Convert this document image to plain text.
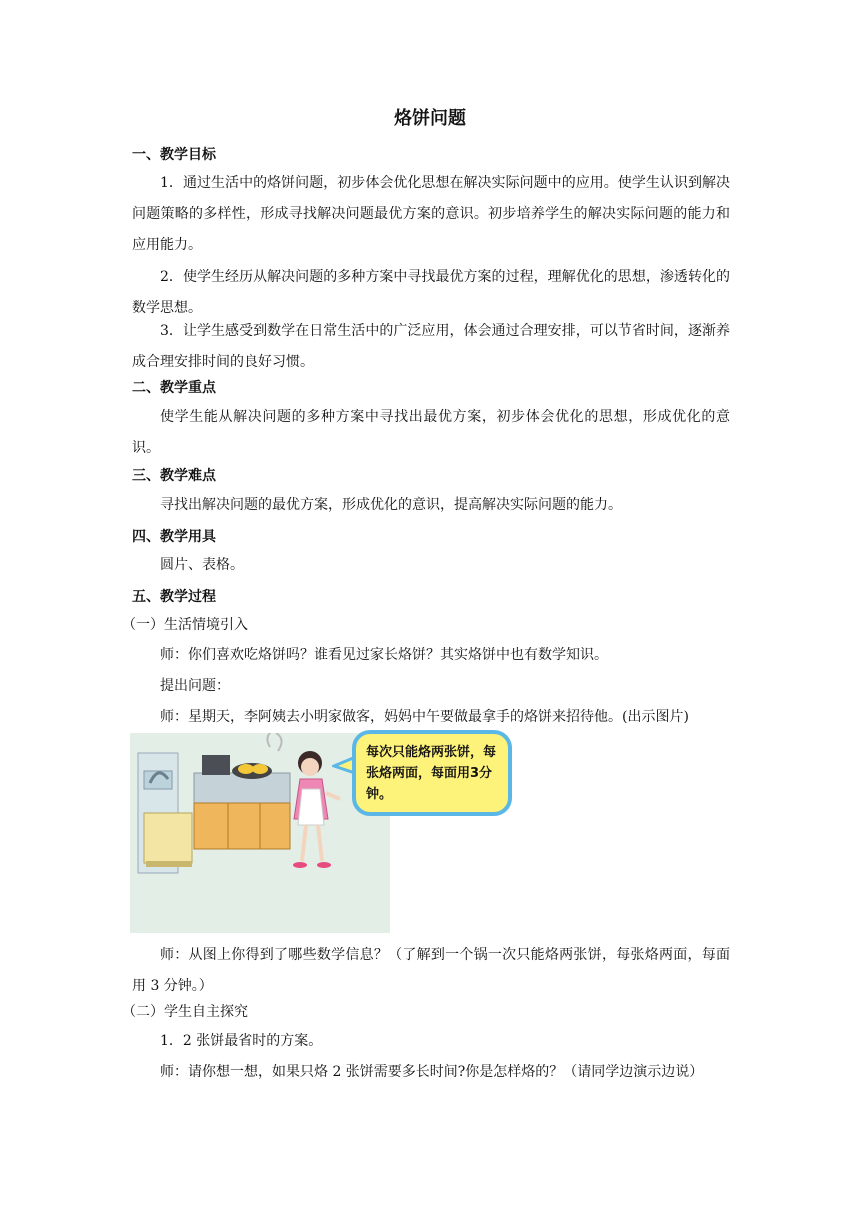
烙饼问题
一、教学目标
1．通过生活中的烙饼问题，初步体会优化思想在解决实际问题中的应用。使学生认识到解决问题策略的多样性，形成寻找解决问题最优方案的意识。初步培养学生的解决实际问题的能力和应用能力。
2．使学生经历从解决问题的多种方案中寻找最优方案的过程，理解优化的思想，渗透转化的数学思想。
3．让学生感受到数学在日常生活中的广泛应用，体会通过合理安排，可以节省时间，逐渐养成合理安排时间的良好习惯。
二、教学重点
使学生能从解决问题的多种方案中寻找出最优方案，初步体会优化的思想，形成优化的意识。
三、教学难点
寻找出解决问题的最优方案，形成优化的意识，提高解决实际问题的能力。
四、教学用具
圆片、表格。
五、教学过程
（一）生活情境引入
师：你们喜欢吃烙饼吗？谁看见过家长烙饼？其实烙饼中也有数学知识。
提出问题：
师：星期天，李阿姨去小明家做客，妈妈中午要做最拿手的烙饼来招待他。(出示图片)
每次只能烙两张饼，每张烙两面，每面用3分钟。
师：从图上你得到了哪些数学信息？（了解到一个锅一次只能烙两张饼，每张烙两面，每面用 3 分钟。）
（二）学生自主探究
1．2 张饼最省时的方案。
师：请你想一想，如果只烙 2 张饼需要多长时间?你是怎样烙的？（请同学边演示边说）
